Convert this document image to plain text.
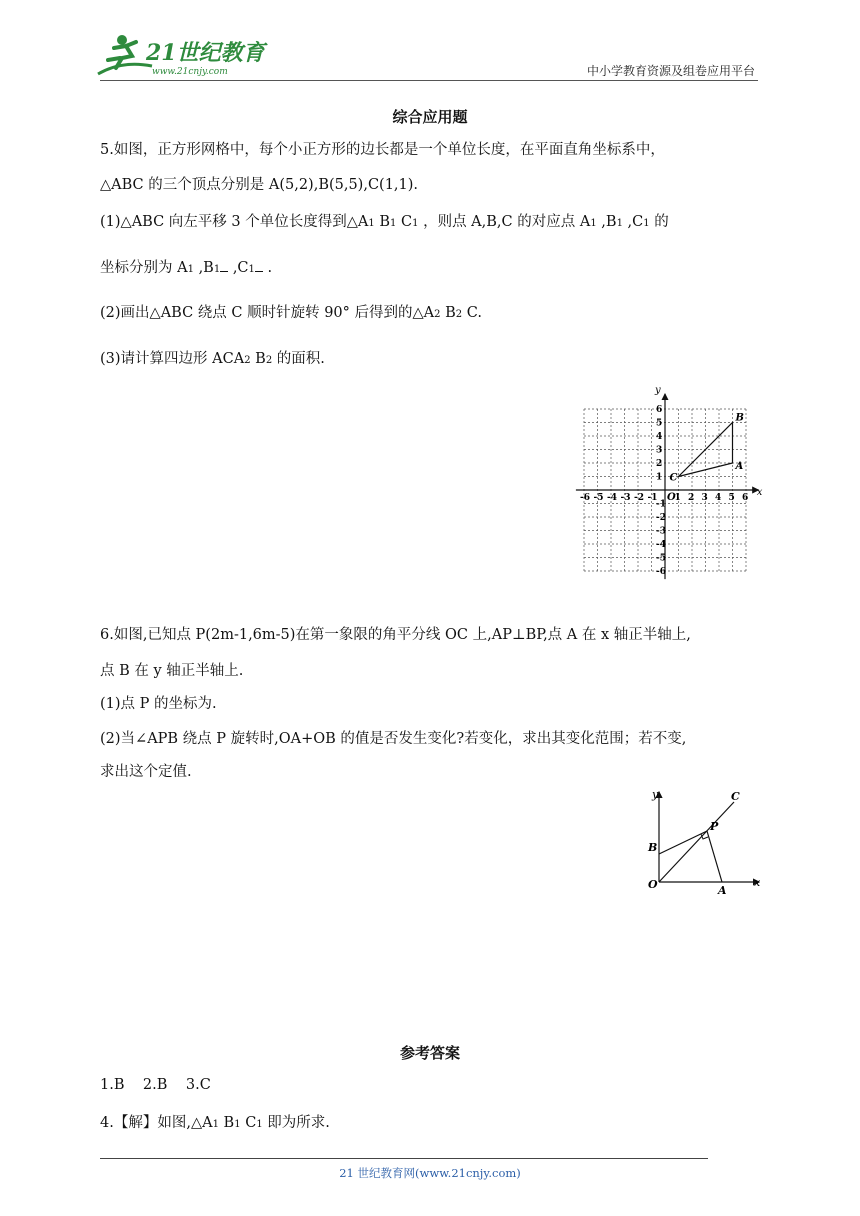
21世纪教育
www.21cnjy.com	中小学教育资源及组卷应用平台
综合应用题
5.如图，正方形网格中，每个小正方形的边长都是一个单位长度，在平面直角坐标系中，
△ABC 的三个顶点分别是 A(5,2),B(5,5),C(1,1).
(1)△ABC 向左平移 3 个单位长度得到△A1 B1 C1 ，则点 A,B,C 的对应点 A1 ,B1 ,C1 的
坐标分别为 A1 ,B1 ,C1 .
(2)画出△ABC 绕点 C 顺时针旋转 90° 后得到的△A2 B2 C.
(3)请计算四边形 ACA2 B2 的面积.
-6 -5 -4 -3 -2 -1 1 2 3 4 5 6
6
5
4
3
2
1
-1
-2
-3
-4
-5
-6
O	x
y
A
B
C
6.如图,已知点 P(2m-1,6m-5)在第一象限的角平分线 OC 上,AP⊥BP,点 A 在 x 轴正半轴上,
点 B 在 y 轴正半轴上.
(1)点 P 的坐标为.
(2)当∠APB 绕点 P 旋转时,OA+OB 的值是否发生变化?若变化，求出其变化范围；若不变,
求出这个定值.
y
x
O	A
B
P
C
参考答案
1.B    2.B    3.C
4.【解】如图,△A1 B1 C1 即为所求.
21 世纪教育网(www.21cnjy.com)
